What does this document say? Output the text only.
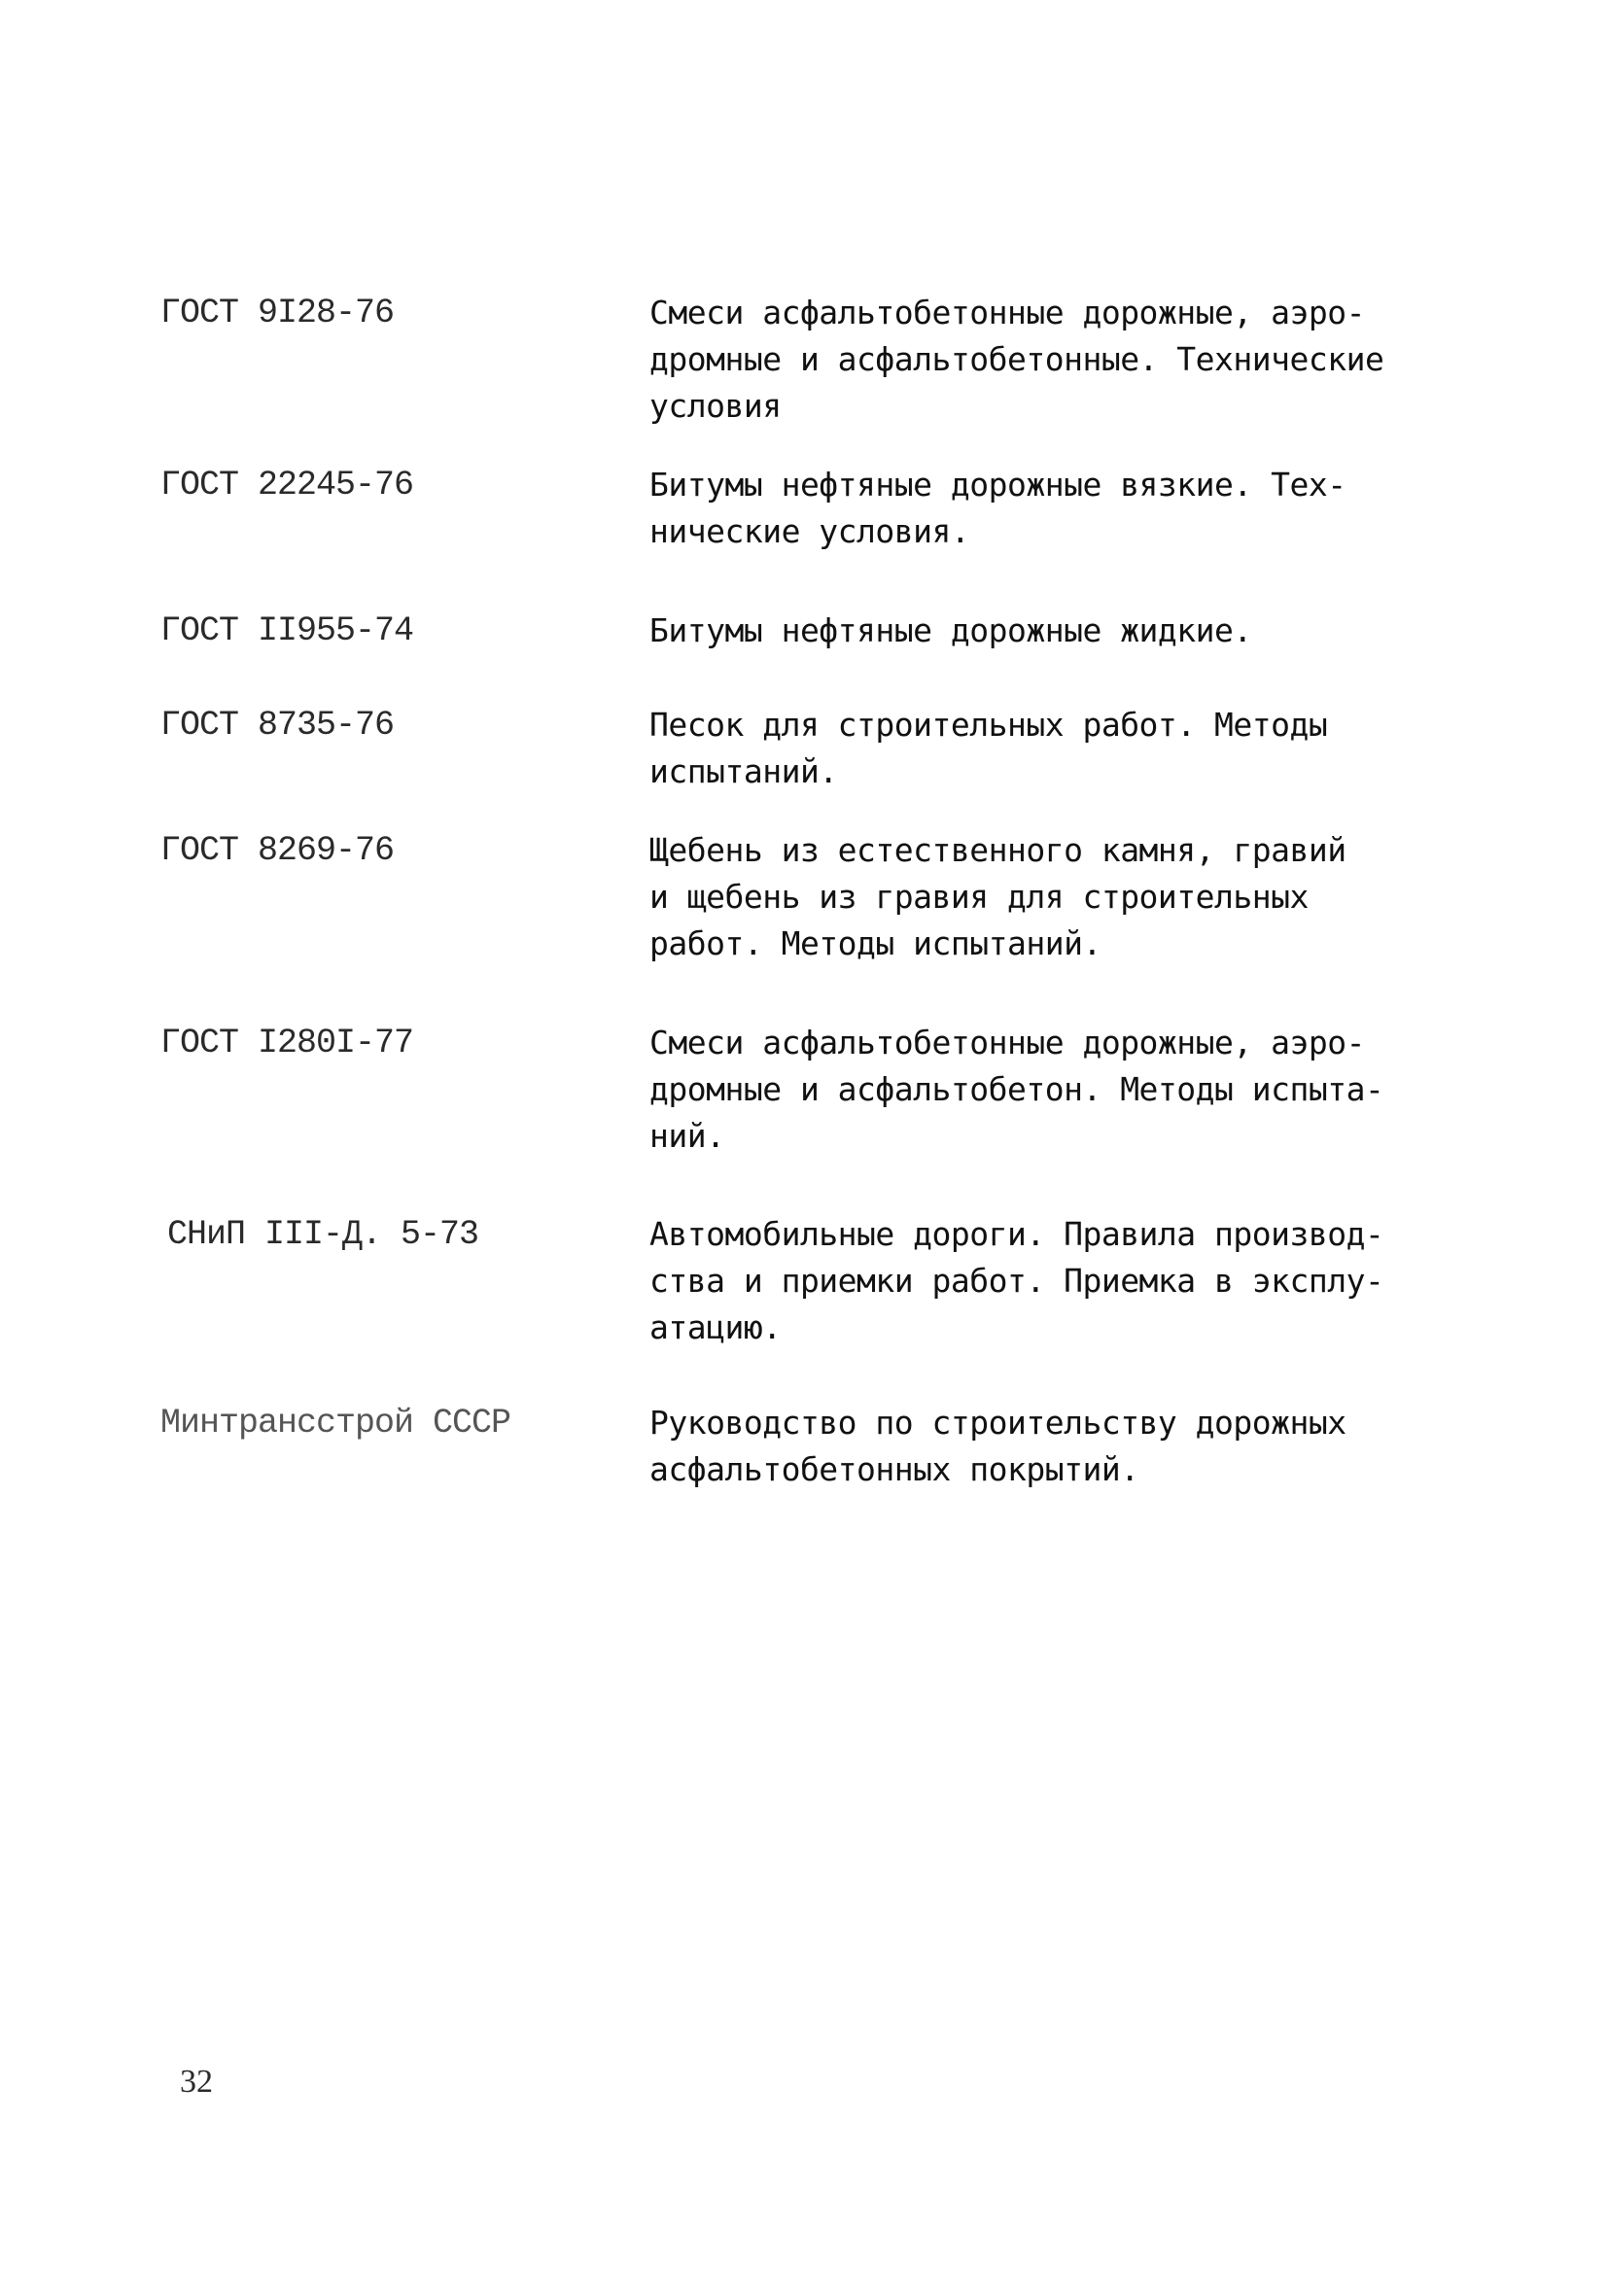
ГОСТ 9I28-76	Смеси асфальтобетонные дорожные, аэро-
дромные и асфальтобетонные. Технические
условия
ГОСТ 22245-76	Битумы нефтяные дорожные вязкие. Тех-
нические условия.
ГОСТ II955-74	Битумы нефтяные дорожные жидкие.
ГОСТ 8735-76	Песок для строительных работ. Методы
испытаний.
ГОСТ 8269-76	Щебень из естественного камня, гравий
и щебень из гравия для строительных
работ. Методы испытаний.
ГОСТ I280I-77	Смеси асфальтобетонные дорожные, аэро-
дромные и асфальтобетон. Методы испыта-
ний.
СНиП III-Д. 5-73	Автомобильные дороги. Правила производ-
ства и приемки работ. Приемка в эксплу-
атацию.
Минтрансстрой СССР	Руководство по строительству дорожных
асфальтобетонных покрытий.
32
